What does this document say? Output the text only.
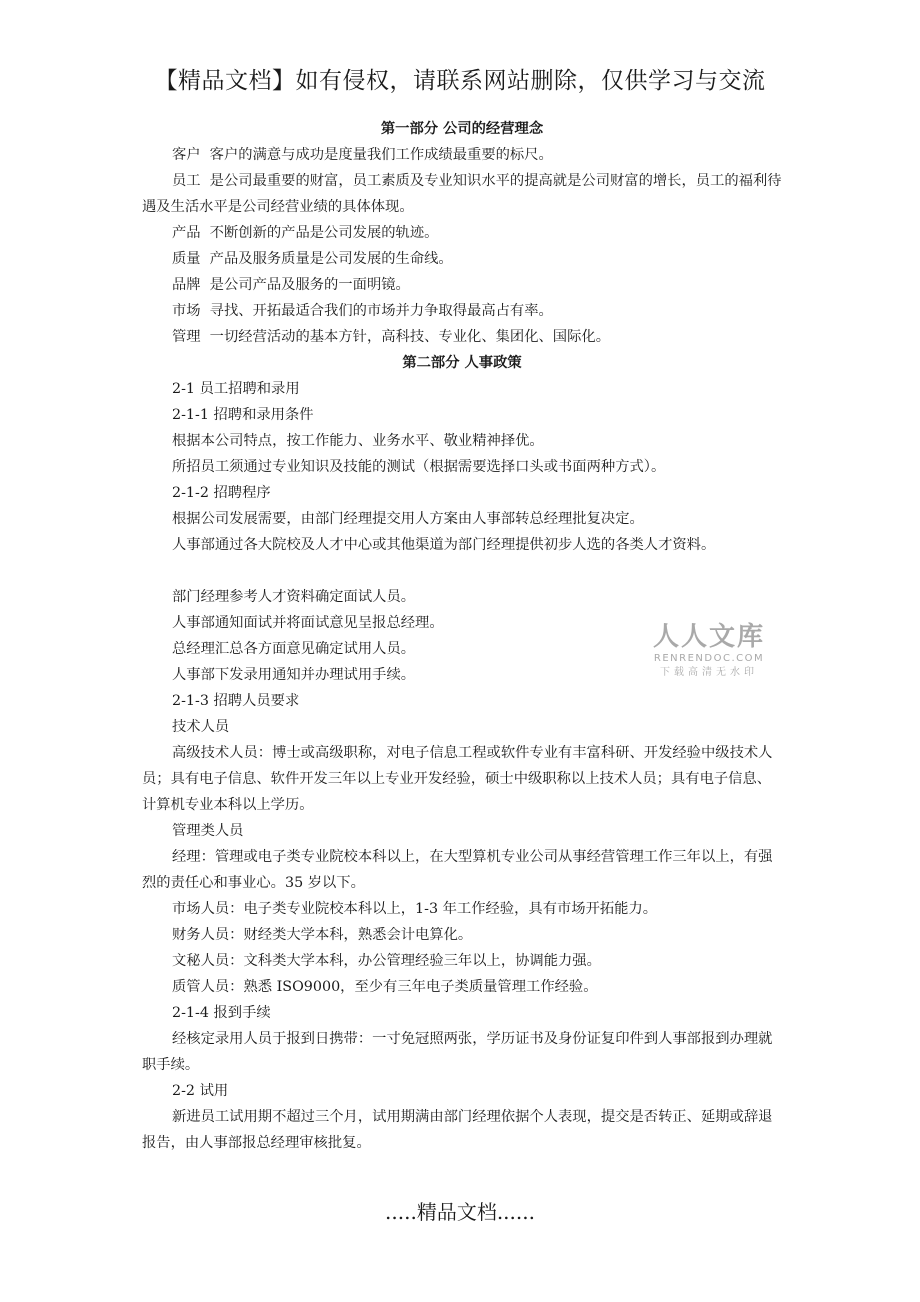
【精品文档】如有侵权，请联系网站删除，仅供学习与交流
第一部分 公司的经营理念
客户  客户的满意与成功是度量我们工作成绩最重要的标尺。
员工  是公司最重要的财富，员工素质及专业知识水平的提高就是公司财富的增长，员工的福利待遇及生活水平是公司经营业绩的具体体现。
产品  不断创新的产品是公司发展的轨迹。
质量  产品及服务质量是公司发展的生命线。
品牌  是公司产品及服务的一面明镜。
市场  寻找、开拓最适合我们的市场并力争取得最高占有率。
管理  一切经营活动的基本方针，高科技、专业化、集团化、国际化。
第二部分 人事政策
2-1 员工招聘和录用
2-1-1 招聘和录用条件
根据本公司特点，按工作能力、业务水平、敬业精神择优。
所招员工须通过专业知识及技能的测试（根据需要选择口头或书面两种方式）。
2-1-2 招聘程序
根据公司发展需要，由部门经理提交用人方案由人事部转总经理批复决定。
人事部通过各大院校及人才中心或其他渠道为部门经理提供初步人选的各类人才资料。
部门经理参考人才资料确定面试人员。
人事部通知面试并将面试意见呈报总经理。
总经理汇总各方面意见确定试用人员。
人事部下发录用通知并办理试用手续。
2-1-3 招聘人员要求
技术人员
高级技术人员：博士或高级职称，对电子信息工程或软件专业有丰富科研、开发经验中级技术人员；具有电子信息、软件开发三年以上专业开发经验，硕士中级职称以上技术人员；具有电子信息、计算机专业本科以上学历。
管理类人员
经理：管理或电子类专业院校本科以上，在大型算机专业公司从事经营管理工作三年以上，有强烈的责任心和事业心。35 岁以下。
市场人员：电子类专业院校本科以上，1-3 年工作经验，具有市场开拓能力。
财务人员：财经类大学本科，熟悉会计电算化。
文秘人员：文科类大学本科，办公管理经验三年以上，协调能力强。
质管人员：熟悉 ISO9000，至少有三年电子类质量管理工作经验。
2-1-4 报到手续
经核定录用人员于报到日携带：一寸免冠照两张，学历证书及身份证复印件到人事部报到办理就职手续。
2-2 试用
新进员工试用期不超过三个月，试用期满由部门经理依据个人表现，提交是否转正、延期或辞退报告，由人事部报总经理审核批复。
人人文库
RENRENDOC.COM
下载高清无水印
.....精品文档......
